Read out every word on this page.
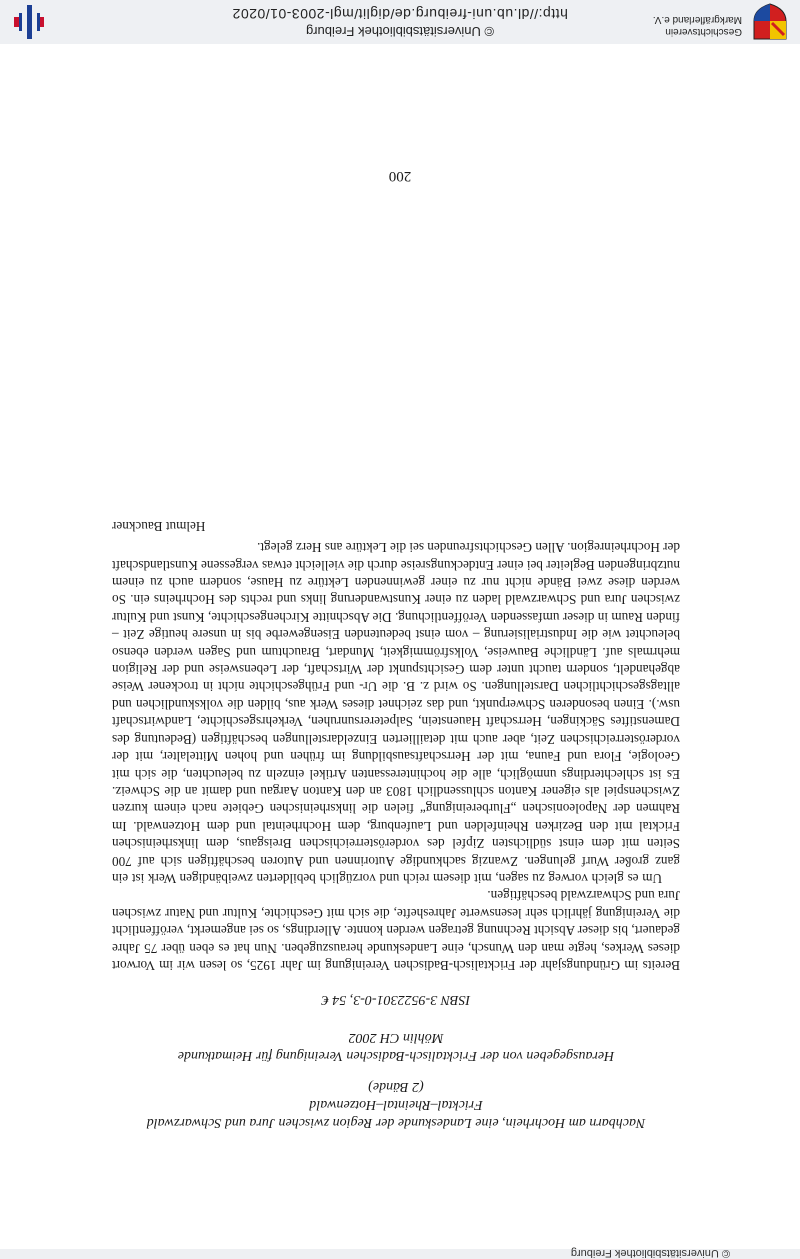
© Universitätsbibliothek Freiburg
Nachbarn am Hochrhein, eine Landeskunde der Region zwischen Jura und Schwarzwald
Fricktal–Rheintal–Hotzenwald
(2 Bände)
Herausgegeben von der Fricktalisch-Badischen Vereinigung für Heimatkunde
Möhlin CH 2002
ISBN 3-9522301-0-3, 54 €

Bereits im Gründungsjahr der Fricktalisch-Badischen Vereinigung im Jahr 1925, so lesen wir im Vorwort dieses Werkes, hegte man den Wunsch, eine Landeskunde herauszugeben. Nun hat es eben über 75 Jahre gedauert, bis dieser Absicht Rechnung getragen werden konnte. Allerdings, so sei angemerkt, veröffentlicht die Vereinigung jährlich sehr lesenswerte Jahreshefte, die sich mit Geschichte, Kultur und Natur zwischen Jura und Schwarzwald beschäftigen.

Um es gleich vorweg zu sagen, mit diesem reich und vorzüglich bebilderten zweibändigen Werk ist ein ganz großer Wurf gelungen. Zwanzig sachkundige Autorinnen und Autoren beschäftigen sich auf 700 Seiten mit dem einst südlichsten Zipfel des vorderösterreichischen Breisgaus, dem linksrheinischen Fricktal mit den Bezirken Rheinfelden und Laufenburg, dem Hochrheintal und dem Hotzenwald. Im Rahmen der Napoleonischen „Flurbereinigung“ fielen die linksrheinischen Gebiete nach einem kurzen Zwischenspiel als eigener Kanton schlussendlich 1803 an den Kanton Aargau und damit an die Schweiz. Es ist schlechterdings unmöglich, alle die hochinteressanten Artikel einzeln zu beleuchten, die sich mit Geologie, Flora und Fauna, mit der Herrschaftsausbildung im frühen und hohen Mittelalter, mit der vorderösterreichischen Zeit, aber auch mit detaillierten Einzeldarstellungen beschäftigen (Bedeutung des Damenstiftes Säckingen, Herrschaft Hauenstein, Salpeterersunruhen, Verkehrsgeschichte, Landwirtschaft usw.). Einen besonderen Schwerpunkt, und das zeichnet dieses Werk aus, bilden die volkskundlichen und alltagsgeschichtlichen Darstellungen. So wird z. B. die Ur- und Frühgeschichte nicht in trockener Weise abgehandelt, sondern taucht unter dem Gesichtspunkt der Wirtschaft, der Lebensweise und der Religion mehrmals auf. Ländliche Bauweise, Volksfrömmigkeit, Mundart, Brauchtum und Sagen werden ebenso beleuchtet wie die Industrialisierung – vom einst bedeutenden Eisengewerbe bis in unsere heutige Zeit – finden Raum in dieser umfassenden Veröffentlichung. Die Abschnitte Kirchengeschichte, Kunst und Kultur zwischen Jura und Schwarzwald laden zu einer Kunstwanderung links und rechts des Hochrheins ein. So werden diese zwei Bände nicht nur zu einer gewinnenden Lektüre zu Hause, sondern auch zu einem nutzbringenden Begleiter bei einer Entdeckungsreise durch die vielleicht etwas vergessene Kunstlandschaft der Hochrheinregion. Allen Geschichtsfreunden sei die Lektüre ans Herz gelegt.

Helmut Bauckner
200
Geschichtsverein
Markgräflerland e.V.
© Universitätsbibliothek Freiburg
http://dl.ub.uni-freiburg.de/diglit/mgl-2003-01/0202
